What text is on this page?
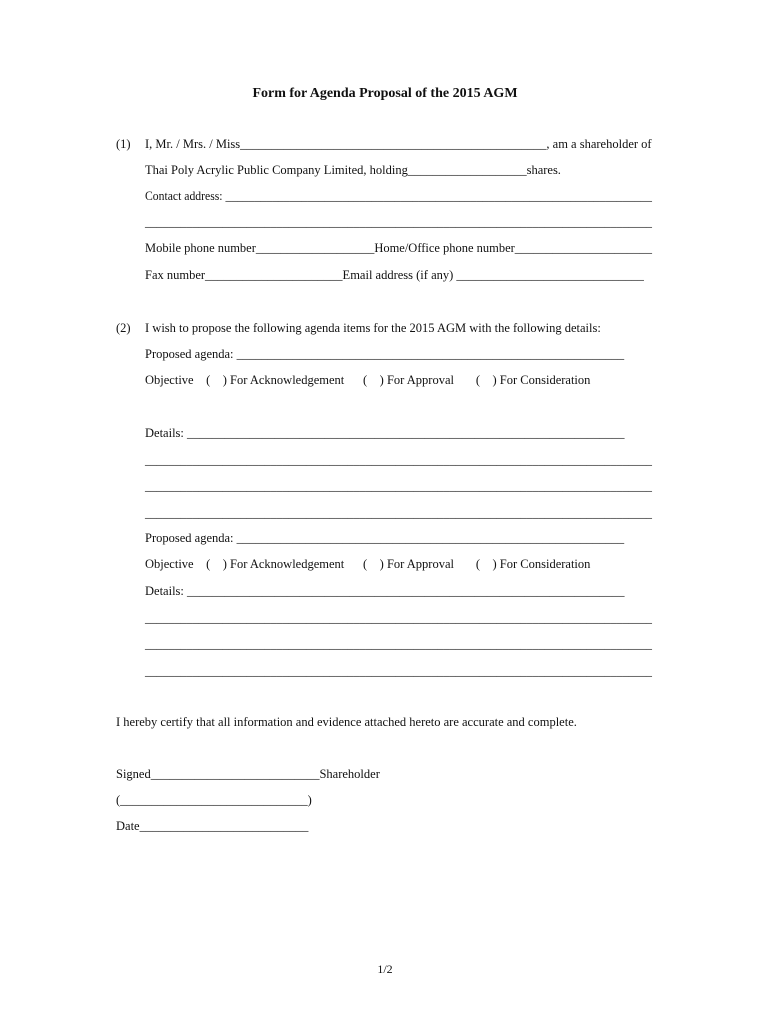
Form for Agenda Proposal of the 2015 AGM
(1) I, Mr. / Mrs. / Miss_________________________________________________, am a shareholder of
Thai Poly Acrylic Public Company Limited, holding___________________shares.
Contact address: _________________________________________________________________________
_____________________________________________________________________________________
Mobile phone number___________________Home/Office phone number______________________
Fax number______________________Email address (if any) ______________________________
(2) I wish to propose the following agenda items for the 2015 AGM with the following details:
Proposed agenda: ______________________________________________________________
Objective    (    ) For Acknowledgement      (    ) For Approval       (    ) For Consideration
Details: ______________________________________________________________________
_____________________________________________________________________________________
_____________________________________________________________________________________
_____________________________________________________________________________________
Proposed agenda: ______________________________________________________________
Objective    (    ) For Acknowledgement      (    ) For Approval       (    ) For Consideration
Details: ______________________________________________________________________
_____________________________________________________________________________________
_____________________________________________________________________________________
_____________________________________________________________________________________
I hereby certify that all information and evidence attached hereto are accurate and complete.
Signed___________________________Shareholder
(______________________________)
Date___________________________
1/2
